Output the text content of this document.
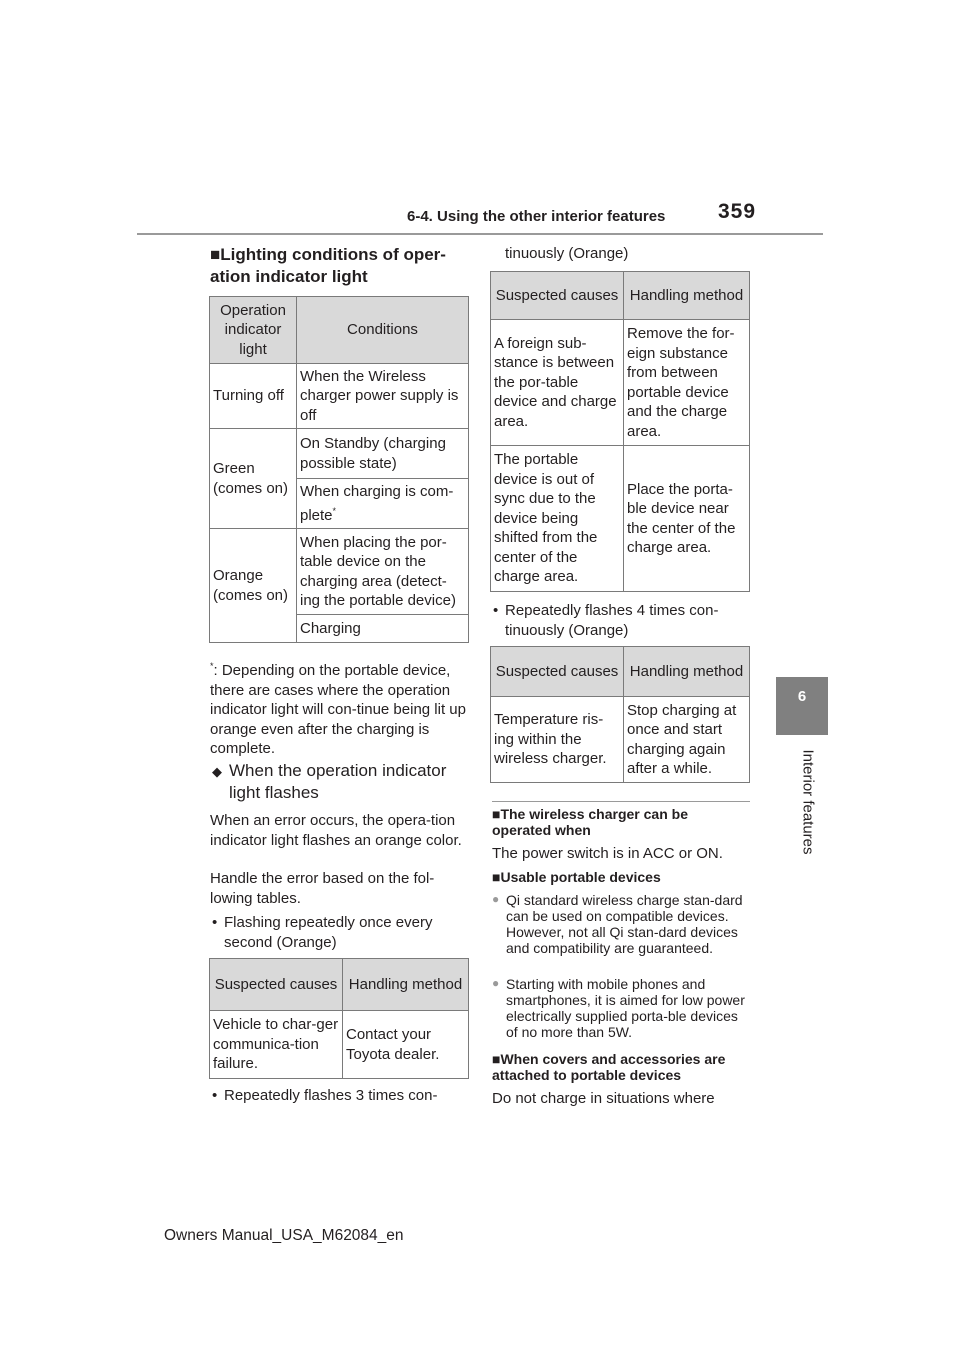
6-4. Using the other interior features	359
6
Interior features
■Lighting conditions of oper-ation indicator light
Operation indicator light	Conditions
Turning off	When the Wireless charger power supply is off
Green (comes on)	On Standby (charging possible state)
	When charging is com-plete*
Orange (comes on)	When placing the por-table device on the charging area (detect-ing the portable device)
	Charging
*: Depending on the portable device, there are cases where the operation indicator light will con-tinue being lit up orange even after the charging is complete.
◆ When the operation indicator light flashes
When an error occurs, the opera-tion indicator light flashes an orange color.
Handle the error based on the fol-lowing tables.
• Flashing repeatedly once every second (Orange)
Suspected causes	Handling method
Vehicle to char-ger communica-tion failure.	Contact your Toyota dealer.
• Repeatedly flashes 3 times con-
tinuously (Orange)
Suspected causes	Handling method
A foreign sub-stance is between the por-table device and charge area.	Remove the for-eign substance from between portable device and the charge area.
The portable device is out of sync due to the device being shifted from the center of the charge area.	Place the porta-ble device near the center of the charge area.
• Repeatedly flashes 4 times con-tinuously (Orange)
Suspected causes	Handling method
Temperature ris-ing within the wireless charger.	Stop charging at once and start charging again after a while.
■The wireless charger can be operated when
The power switch is in ACC or ON.
■Usable portable devices
● Qi standard wireless charge stan-dard can be used on compatible devices. However, not all Qi stan-dard devices and compatibility are guaranteed.
● Starting with mobile phones and smartphones, it is aimed for low power electrically supplied porta-ble devices of no more than 5W.
■When covers and accessories are attached to portable devices
Do not charge in situations where
Owners Manual_USA_M62084_en
